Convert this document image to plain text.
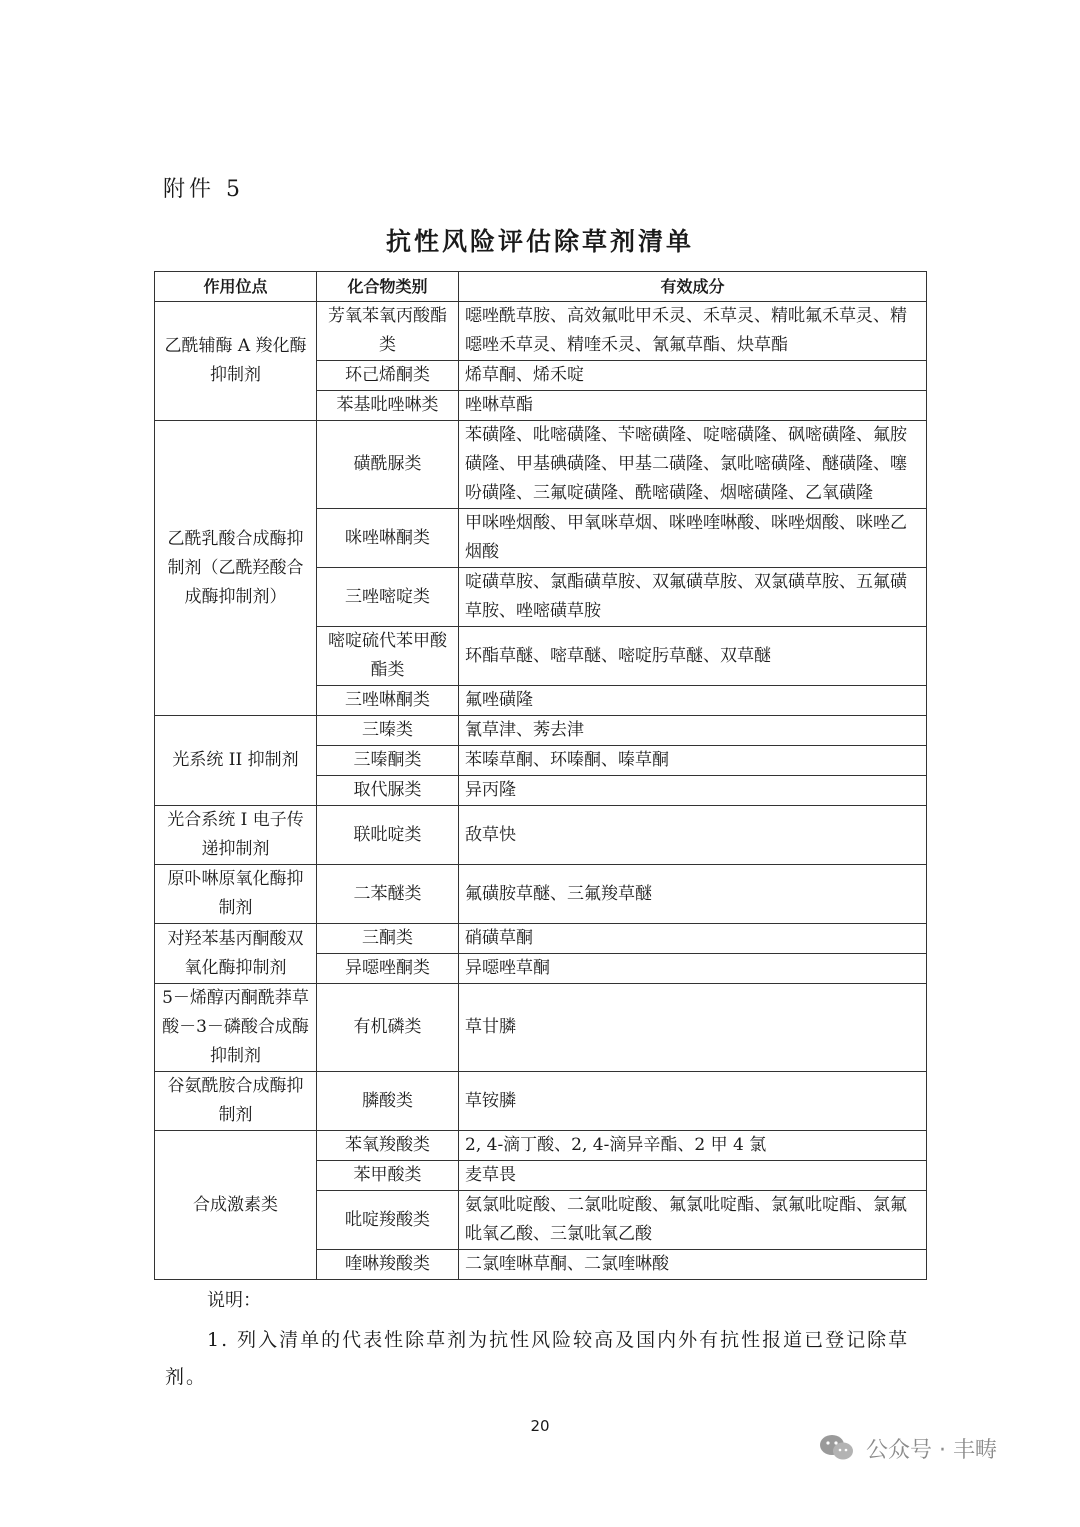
附件 5
抗性风险评估除草剂清单
作用位点	化合物类别	有效成分
乙酰辅酶 A 羧化酶抑制剂	芳氧苯氧丙酸酯类	噁唑酰草胺、高效氟吡甲禾灵、禾草灵、精吡氟禾草灵、精噁唑禾草灵、精喹禾灵、氰氟草酯、炔草酯
	环己烯酮类	烯草酮、烯禾啶
	苯基吡唑啉类	唑啉草酯
乙酰乳酸合成酶抑制剂（乙酰羟酸合成酶抑制剂）	磺酰脲类	苯磺隆、吡嘧磺隆、苄嘧磺隆、啶嘧磺隆、砜嘧磺隆、氟胺磺隆、甲基碘磺隆、甲基二磺隆、氯吡嘧磺隆、醚磺隆、噻吩磺隆、三氟啶磺隆、酰嘧磺隆、烟嘧磺隆、乙氧磺隆
	咪唑啉酮类	甲咪唑烟酸、甲氧咪草烟、咪唑喹啉酸、咪唑烟酸、咪唑乙烟酸
	三唑嘧啶类	啶磺草胺、氯酯磺草胺、双氟磺草胺、双氯磺草胺、五氟磺草胺、唑嘧磺草胺
	嘧啶硫代苯甲酸酯类	环酯草醚、嘧草醚、嘧啶肟草醚、双草醚
	三唑啉酮类	氟唑磺隆
光系统 II 抑制剂	三嗪类	氰草津、莠去津
	三嗪酮类	苯嗪草酮、环嗪酮、嗪草酮
	取代脲类	异丙隆
光合系统 I 电子传递抑制剂	联吡啶类	敌草快
原卟啉原氧化酶抑制剂	二苯醚类	氟磺胺草醚、三氟羧草醚
对羟苯基丙酮酸双氧化酶抑制剂	三酮类	硝磺草酮
	异噁唑酮类	异噁唑草酮
5－烯醇丙酮酰莽草酸－3－磷酸合成酶抑制剂	有机磷类	草甘膦
谷氨酰胺合成酶抑制剂	膦酸类	草铵膦
合成激素类	苯氧羧酸类	2, 4-滴丁酸、2, 4-滴异辛酯、2 甲 4 氯
	苯甲酸类	麦草畏
	吡啶羧酸类	氨氯吡啶酸、二氯吡啶酸、氟氯吡啶酯、氯氟吡啶酯、氯氟吡氧乙酸、三氯吡氧乙酸
	喹啉羧酸类	二氯喹啉草酮、二氯喹啉酸
说明：
1. 列入清单的代表性除草剂为抗性风险较高及国内外有抗性报道已登记除草剂。
20
公众号 · 丰畴
